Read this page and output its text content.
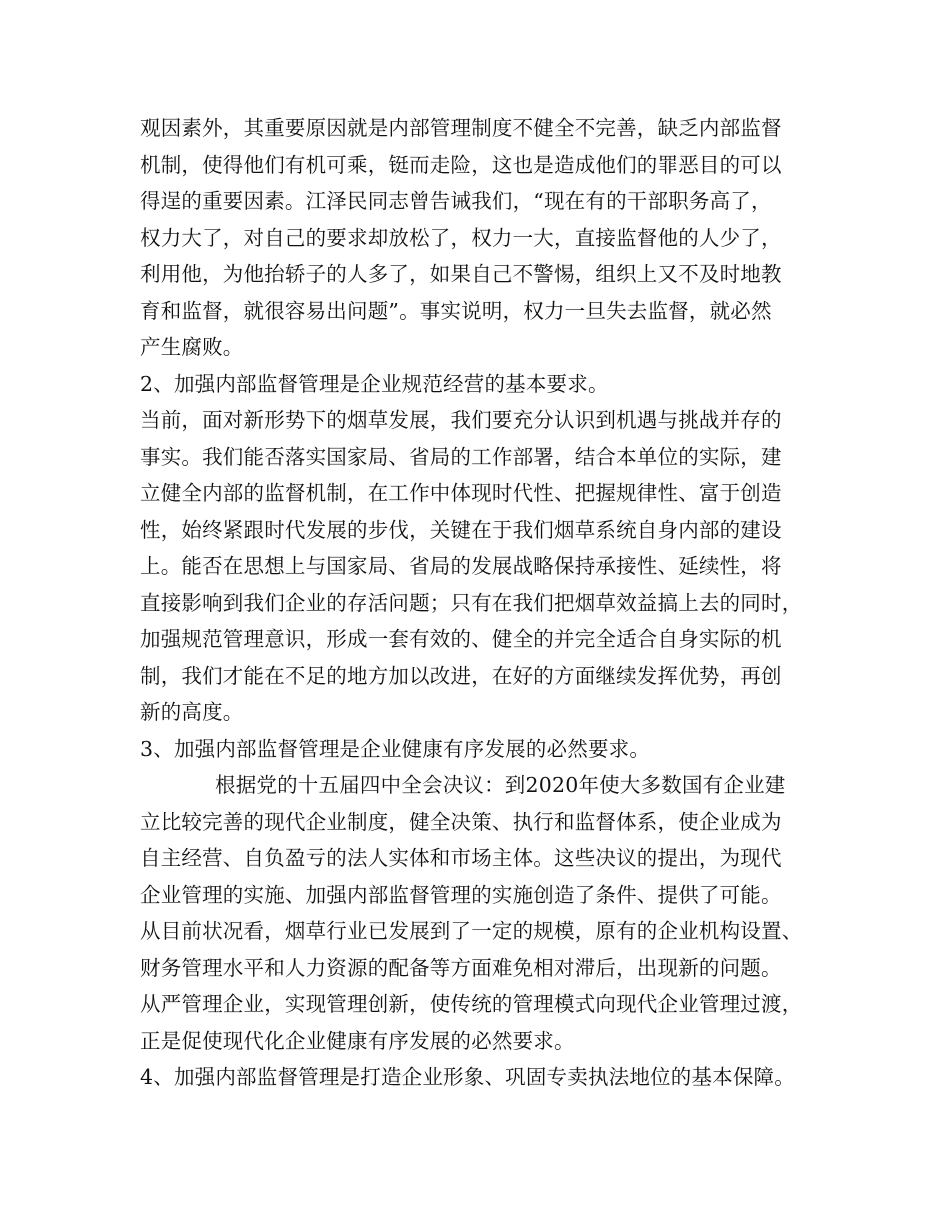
观因素外，其重要原因就是内部管理制度不健全不完善，缺乏内部监督
机制，使得他们有机可乘，铤而走险，这也是造成他们的罪恶目的可以
得逞的重要因素。江泽民同志曾告诫我们，“现在有的干部职务高了，
权力大了，对自己的要求却放松了，权力一大，直接监督他的人少了，
利用他，为他抬轿子的人多了，如果自己不警惕，组织上又不及时地教
育和监督，就很容易出问题”。事实说明，权力一旦失去监督，就必然
产生腐败。
2、加强内部监督管理是企业规范经营的基本要求。
当前，面对新形势下的烟草发展，我们要充分认识到机遇与挑战并存的
事实。我们能否落实国家局、省局的工作部署，结合本单位的实际，建
立健全内部的监督机制，在工作中体现时代性、把握规律性、富于创造
性，始终紧跟时代发展的步伐，关键在于我们烟草系统自身内部的建设
上。能否在思想上与国家局、省局的发展战略保持承接性、延续性，将
直接影响到我们企业的存活问题；只有在我们把烟草效益搞上去的同时，
加强规范管理意识，形成一套有效的、健全的并完全适合自身实际的机
制，我们才能在不足的地方加以改进，在好的方面继续发挥优势，再创
新的高度。
3、加强内部监督管理是企业健康有序发展的必然要求。
根据党的十五届四中全会决议：到2020年使大多数国有企业建
立比较完善的现代企业制度，健全决策、执行和监督体系，使企业成为
自主经营、自负盈亏的法人实体和市场主体。这些决议的提出，为现代
企业管理的实施、加强内部监督管理的实施创造了条件、提供了可能。
从目前状况看，烟草行业已发展到了一定的规模，原有的企业机构设置、
财务管理水平和人力资源的配备等方面难免相对滞后，出现新的问题。
从严管理企业，实现管理创新，使传统的管理模式向现代企业管理过渡，
正是促使现代化企业健康有序发展的必然要求。
4、加强内部监督管理是打造企业形象、巩固专卖执法地位的基本保障。
